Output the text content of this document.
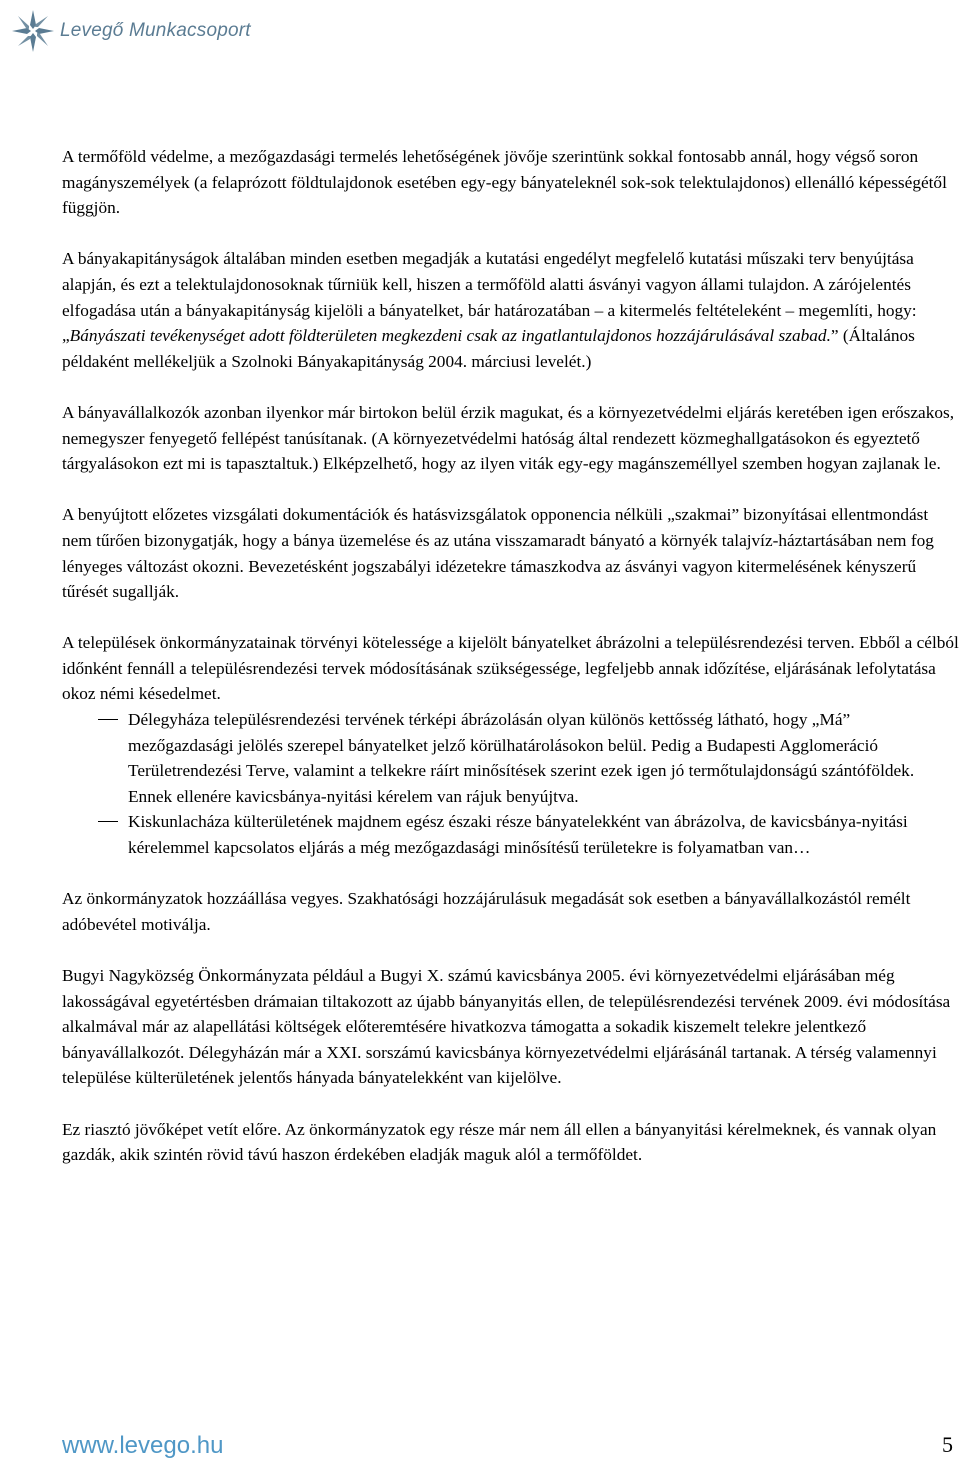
Levegő Munkacsoport

A termőföld védelme, a mezőgazdasági termelés lehetőségének jövője szerintünk sokkal fontosabb annál, hogy végső soron magányszemélyek (a felaprózott földtulajdonok esetében egy-egy bányateleknél sok-sok telektulajdonos) ellenálló képességétől függjön.

A bányakapitányságok általában minden esetben megadják a kutatási engedélyt megfelelő kutatási műszaki terv benyújtása alapján, és ezt a telektulajdonosoknak tűrniük kell, hiszen a termőföld alatti ásványi vagyon állami tulajdon. A zárójelentés elfogadása után a bányakapitányság kijelöli a bányatelket, bár határozatában – a kitermelés feltételeként – megemlíti, hogy: „Bányászati tevékenységet adott földterületen megkezdeni csak az ingatlantulajdonos hozzájárulásával szabad.” (Általános példaként mellékeljük a Szolnoki Bányakapitányság 2004. márciusi levelét.)

A bányavállalkozók azonban ilyenkor már birtokon belül érzik magukat, és a környezetvédelmi eljárás keretében igen erőszakos, nemegyszer fenyegető fellépést tanúsítanak. (A környezetvédelmi hatóság által rendezett közmeghallgatásokon és egyeztető tárgyalásokon ezt mi is tapasztaltuk.) Elképzelhető, hogy az ilyen viták egy-egy magánszeméllyel szemben hogyan zajlanak le.

A benyújtott előzetes vizsgálati dokumentációk és hatásvizsgálatok opponencia nélküli „szakmai” bizonyításai ellentmondást nem tűrően bizonygatják, hogy a bánya üzemelése és az utána visszamaradt bányató a környék talajvíz-háztartásában nem fog lényeges változást okozni. Bevezetésként jogszabályi idézetekre támaszkodva az ásványi vagyon kitermelésének kényszerű tűrését sugallják.

A települések önkormányzatainak törvényi kötelessége a kijelölt bányatelket ábrázolni a településrendezési terven. Ebből a célból időnként fennáll a településrendezési tervek módosításának szükségessége, legfeljebb annak időzítése, eljárásának lefolytatása okoz némi késedelmet.

Délegyháza településrendezési tervének térképi ábrázolásán olyan különös kettősség látható, hogy „Má” mezőgazdasági jelölés szerepel bányatelket jelző körülhatárolásokon belül. Pedig a Budapesti Agglomeráció Területrendezési Terve, valamint a telkekre ráírt minősítések szerint ezek igen jó termőtulajdonságú szántóföldek. Ennek ellenére kavicsbánya-nyitási kérelem van rájuk benyújtva.
Kiskunlacháza külterületének majdnem egész északi része bányatelekként van ábrázolva, de kavicsbánya-nyitási kérelemmel kapcsolatos eljárás a még mezőgazdasági minősítésű területekre is folyamatban van…

Az önkormányzatok hozzáállása vegyes. Szakhatósági hozzájárulásuk megadását sok esetben a bányavállalkozástól remélt adóbevétel motiválja.

Bugyi Nagyközség Önkormányzata például a Bugyi X. számú kavicsbánya 2005. évi környezetvédelmi eljárásában még lakosságával egyetértésben drámaian tiltakozott az újabb bányanyitás ellen, de településrendezési tervének 2009. évi módosítása alkalmával már az alapellátási költségek előteremtésére hivatkozva támogatta a sokadik kiszemelt telekre jelentkező bányavállalkozót. Délegyházán már a XXI. sorszámú kavicsbánya környezetvédelmi eljárásánál tartanak. A térség valamennyi települése külterületének jelentős hányada bányatelekként van kijelölve.

Ez riasztó jövőképet vetít előre. Az önkormányzatok egy része már nem áll ellen a bányanyitási kérelmeknek, és vannak olyan gazdák, akik szintén rövid távú haszon érdekében eladják maguk alól a termőföldet.

www.levego.hu	5
